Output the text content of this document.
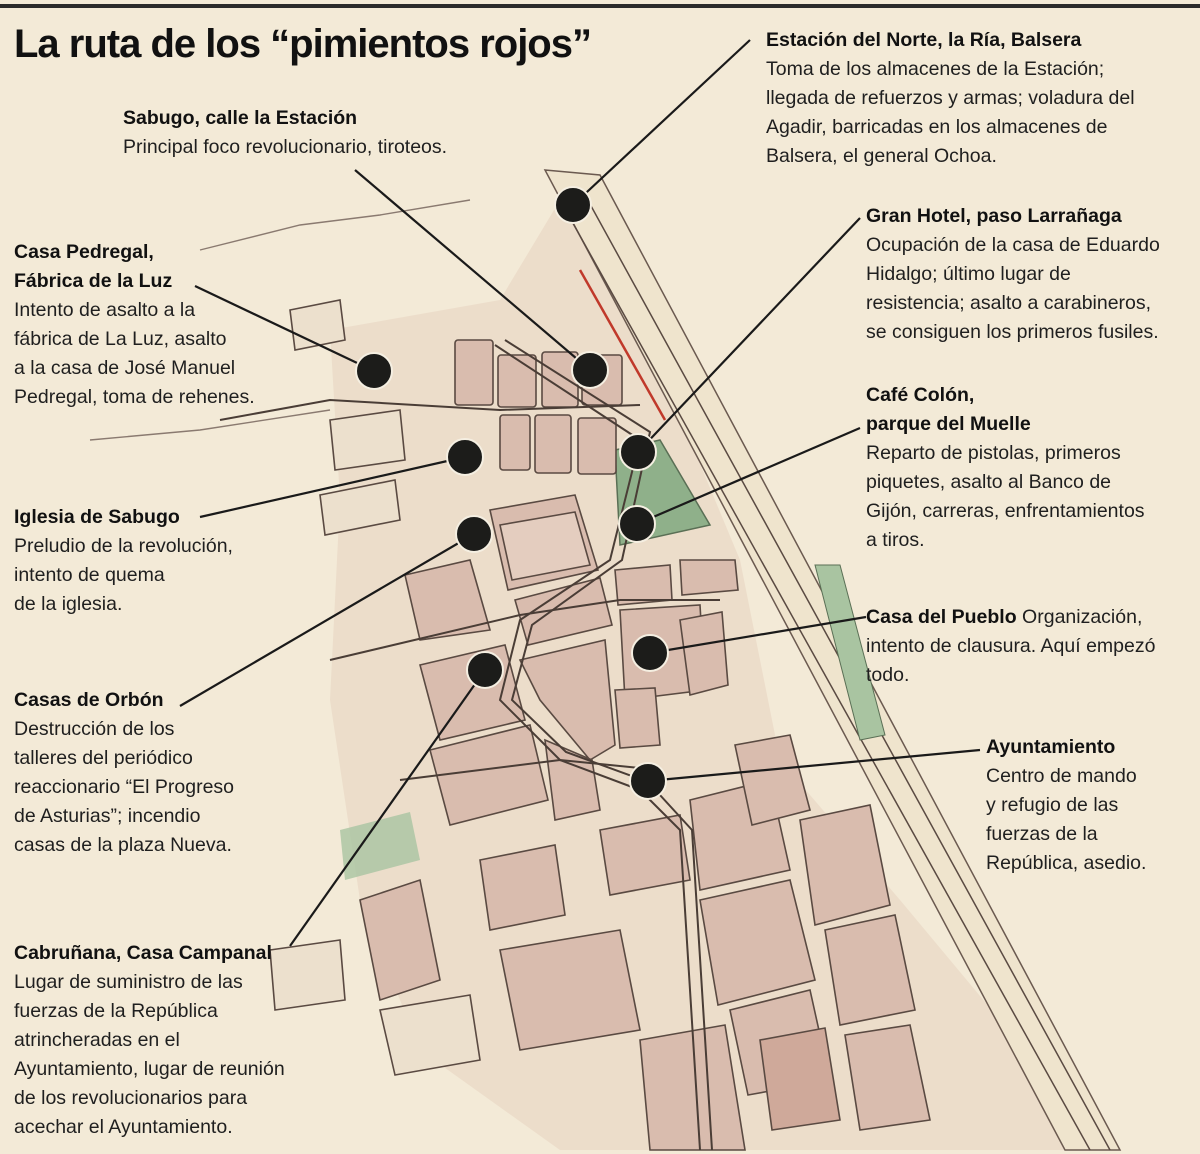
La ruta de los “pimientos rojos”	Estación del Norte, la Ría, Balsera
Toma de los almacenes de la Estación;
llegada de refuerzos y armas; voladura del
Agadir, barricadas en los almacenes de
Balsera, el general Ochoa.
Sabugo, calle la Estación
Principal foco revolucionario, tiroteos.
Casa Pedregal,
Fábrica de la Luz
Intento de asalto a la
fábrica de La Luz, asalto
a la casa de José Manuel
Pedregal, toma de rehenes.
Gran Hotel, paso Larrañaga
Ocupación de la casa de Eduardo
Hidalgo; último lugar de
resistencia; asalto a carabineros,
se consiguen los primeros fusiles.
Café Colón,
parque del Muelle
Reparto de pistolas, primeros
piquetes, asalto al Banco de
Gijón, carreras, enfrentamientos
a tiros.
Iglesia de Sabugo
Preludio de la revolución,
intento de quema
de la iglesia.
Casa del Pueblo Organización,
intento de clausura. Aquí empezó
todo.
Casas de Orbón
Destrucción de los
talleres del periódico
reaccionario “El Progreso
de Asturias”; incendio
casas de la plaza Nueva.
Ayuntamiento
Centro de mando
y refugio de las
fuerzas de la
República, asedio.
Cabruñana, Casa Campanal
Lugar de suministro de las
fuerzas de la República
atrincheradas en el
Ayuntamiento, lugar de reunión
de los revolucionarios para
acechar el Ayuntamiento.
